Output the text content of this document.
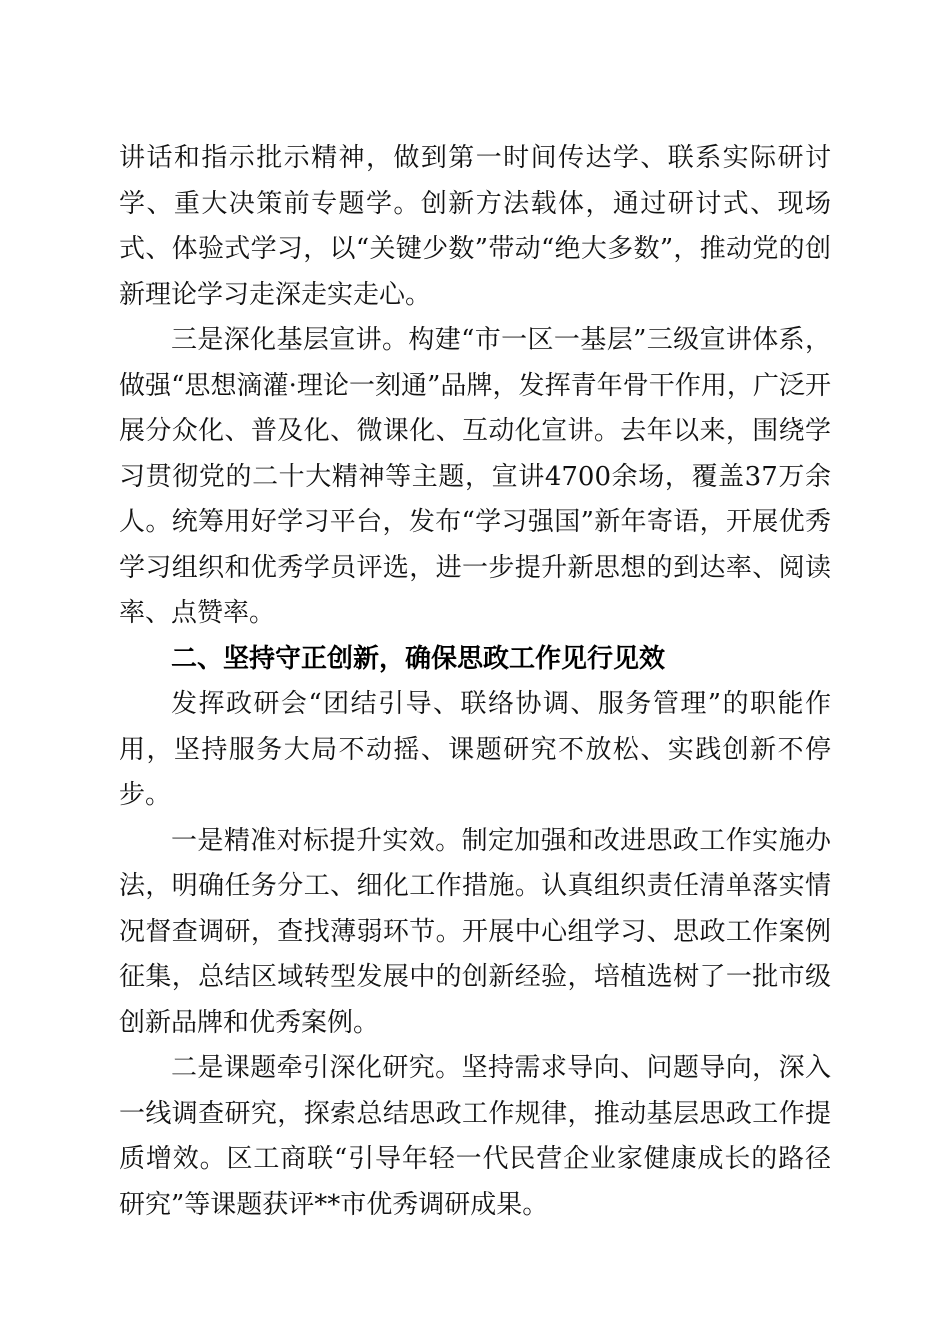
讲话和指示批示精神，做到第一时间传达学、联系实际研讨学、重大决策前专题学。创新方法载体，通过研讨式、现场式、体验式学习，以“关键少数”带动“绝大多数”，推动党的创新理论学习走深走实走心。

三是深化基层宣讲。构建“市一区一基层”三级宣讲体系，做强“思想滴灌·理论一刻通”品牌，发挥青年骨干作用，广泛开展分众化、普及化、微课化、互动化宣讲。去年以来，围绕学习贯彻党的二十大精神等主题，宣讲4700余场，覆盖37万余人。统筹用好学习平台，发布“学习强国”新年寄语，开展优秀学习组织和优秀学员评选，进一步提升新思想的到达率、阅读率、点赞率。

二、坚持守正创新，确保思政工作见行见效

发挥政研会“团结引导、联络协调、服务管理”的职能作用，坚持服务大局不动摇、课题研究不放松、实践创新不停步。

一是精准对标提升实效。制定加强和改进思政工作实施办法，明确任务分工、细化工作措施。认真组织责任清单落实情况督查调研，查找薄弱环节。开展中心组学习、思政工作案例征集，总结区域转型发展中的创新经验，培植选树了一批市级创新品牌和优秀案例。

二是课题牵引深化研究。坚持需求导向、问题导向，深入一线调查研究，探索总结思政工作规律，推动基层思政工作提质增效。区工商联“引导年轻一代民营企业家健康成长的路径研究”等课题获评**市优秀调研成果。
